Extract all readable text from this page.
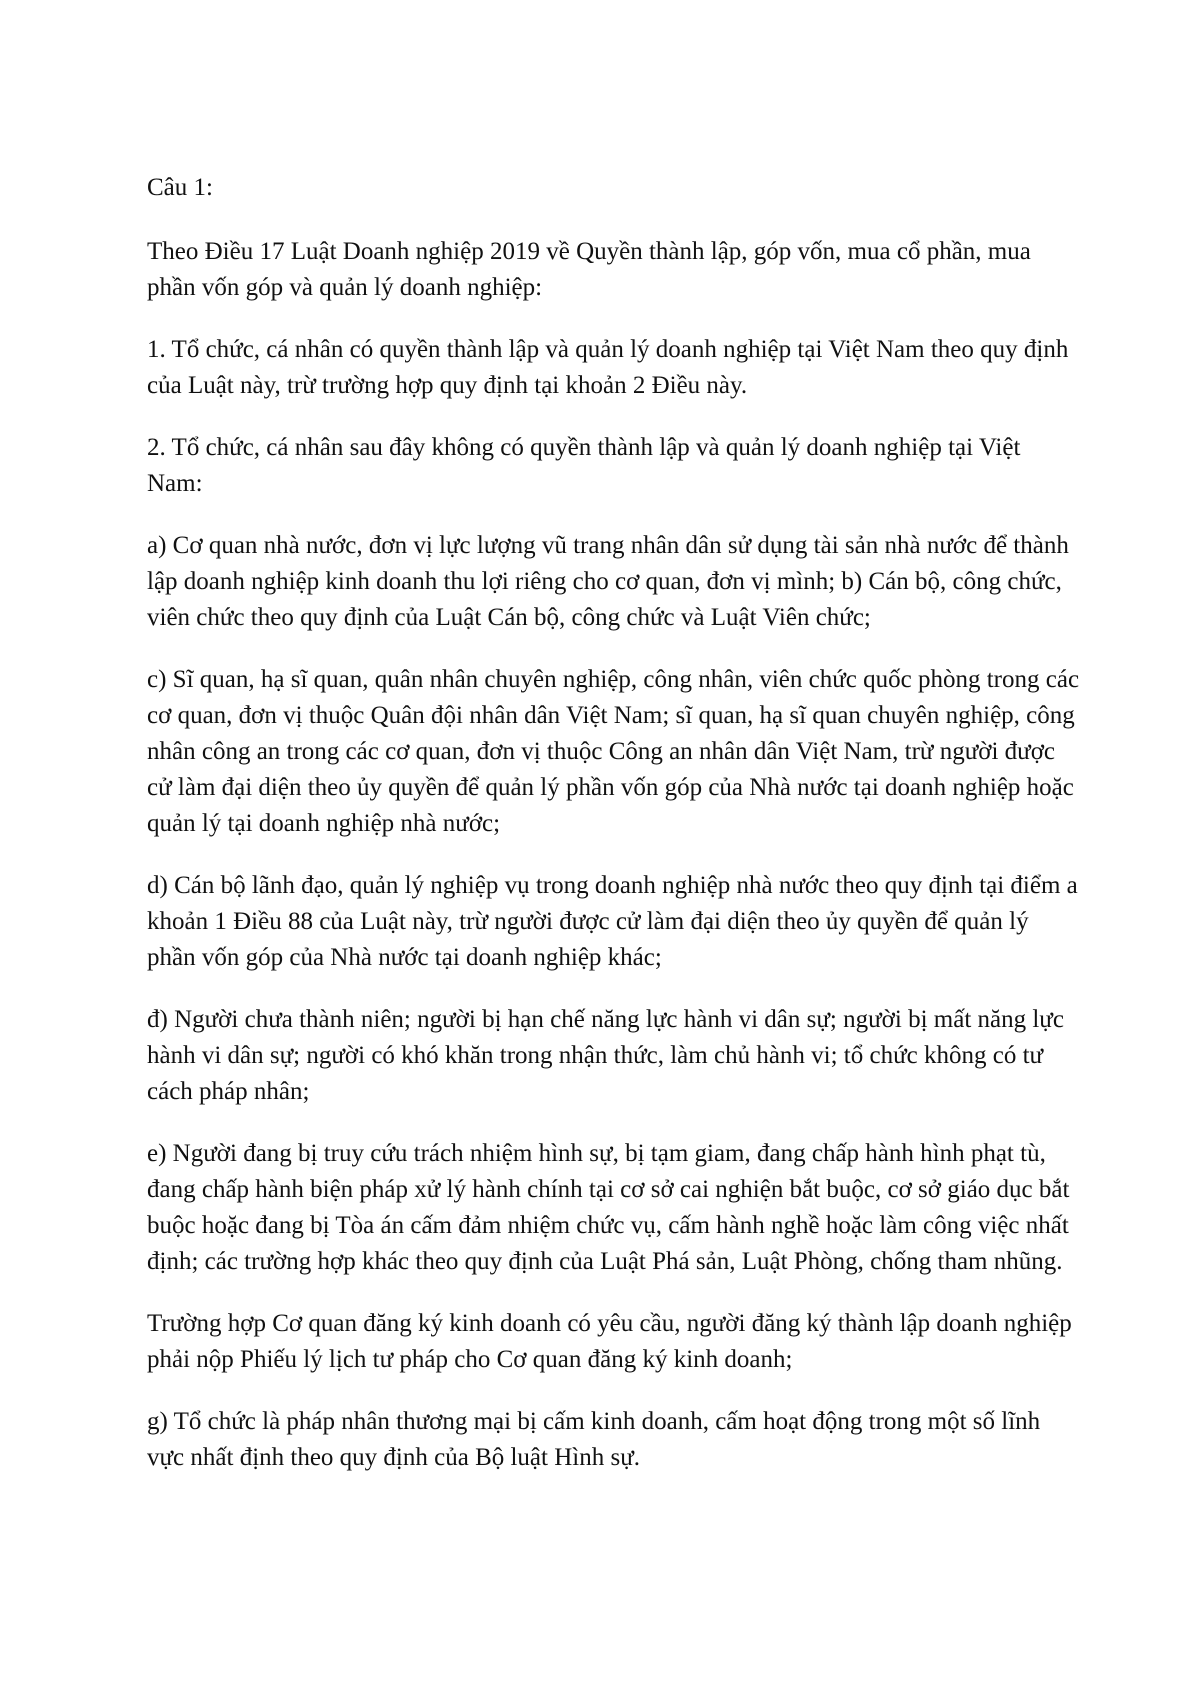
Câu 1:

Theo Điều 17 Luật Doanh nghiệp 2019 về Quyền thành lập, góp vốn, mua cổ phần, mua phần vốn góp và quản lý doanh nghiệp:

1. Tổ chức, cá nhân có quyền thành lập và quản lý doanh nghiệp tại Việt Nam theo quy định của Luật này, trừ trường hợp quy định tại khoản 2 Điều này.

2. Tổ chức, cá nhân sau đây không có quyền thành lập và quản lý doanh nghiệp tại Việt Nam:

a) Cơ quan nhà nước, đơn vị lực lượng vũ trang nhân dân sử dụng tài sản nhà nước để thành lập doanh nghiệp kinh doanh thu lợi riêng cho cơ quan, đơn vị mình; b) Cán bộ, công chức, viên chức theo quy định của Luật Cán bộ, công chức và Luật Viên chức;

c) Sĩ quan, hạ sĩ quan, quân nhân chuyên nghiệp, công nhân, viên chức quốc phòng trong các cơ quan, đơn vị thuộc Quân đội nhân dân Việt Nam; sĩ quan, hạ sĩ quan chuyên nghiệp, công nhân công an trong các cơ quan, đơn vị thuộc Công an nhân dân Việt Nam, trừ người được cử làm đại diện theo ủy quyền để quản lý phần vốn góp của Nhà nước tại doanh nghiệp hoặc quản lý tại doanh nghiệp nhà nước;

d) Cán bộ lãnh đạo, quản lý nghiệp vụ trong doanh nghiệp nhà nước theo quy định tại điểm a khoản 1 Điều 88 của Luật này, trừ người được cử làm đại diện theo ủy quyền để quản lý phần vốn góp của Nhà nước tại doanh nghiệp khác;

đ) Người chưa thành niên; người bị hạn chế năng lực hành vi dân sự; người bị mất năng lực hành vi dân sự; người có khó khăn trong nhận thức, làm chủ hành vi; tổ chức không có tư cách pháp nhân;

e) Người đang bị truy cứu trách nhiệm hình sự, bị tạm giam, đang chấp hành hình phạt tù, đang chấp hành biện pháp xử lý hành chính tại cơ sở cai nghiện bắt buộc, cơ sở giáo dục bắt buộc hoặc đang bị Tòa án cấm đảm nhiệm chức vụ, cấm hành nghề hoặc làm công việc nhất định; các trường hợp khác theo quy định của Luật Phá sản, Luật Phòng, chống tham nhũng.

Trường hợp Cơ quan đăng ký kinh doanh có yêu cầu, người đăng ký thành lập doanh nghiệp phải nộp Phiếu lý lịch tư pháp cho Cơ quan đăng ký kinh doanh;

g) Tổ chức là pháp nhân thương mại bị cấm kinh doanh, cấm hoạt động trong một số lĩnh vực nhất định theo quy định của Bộ luật Hình sự.
